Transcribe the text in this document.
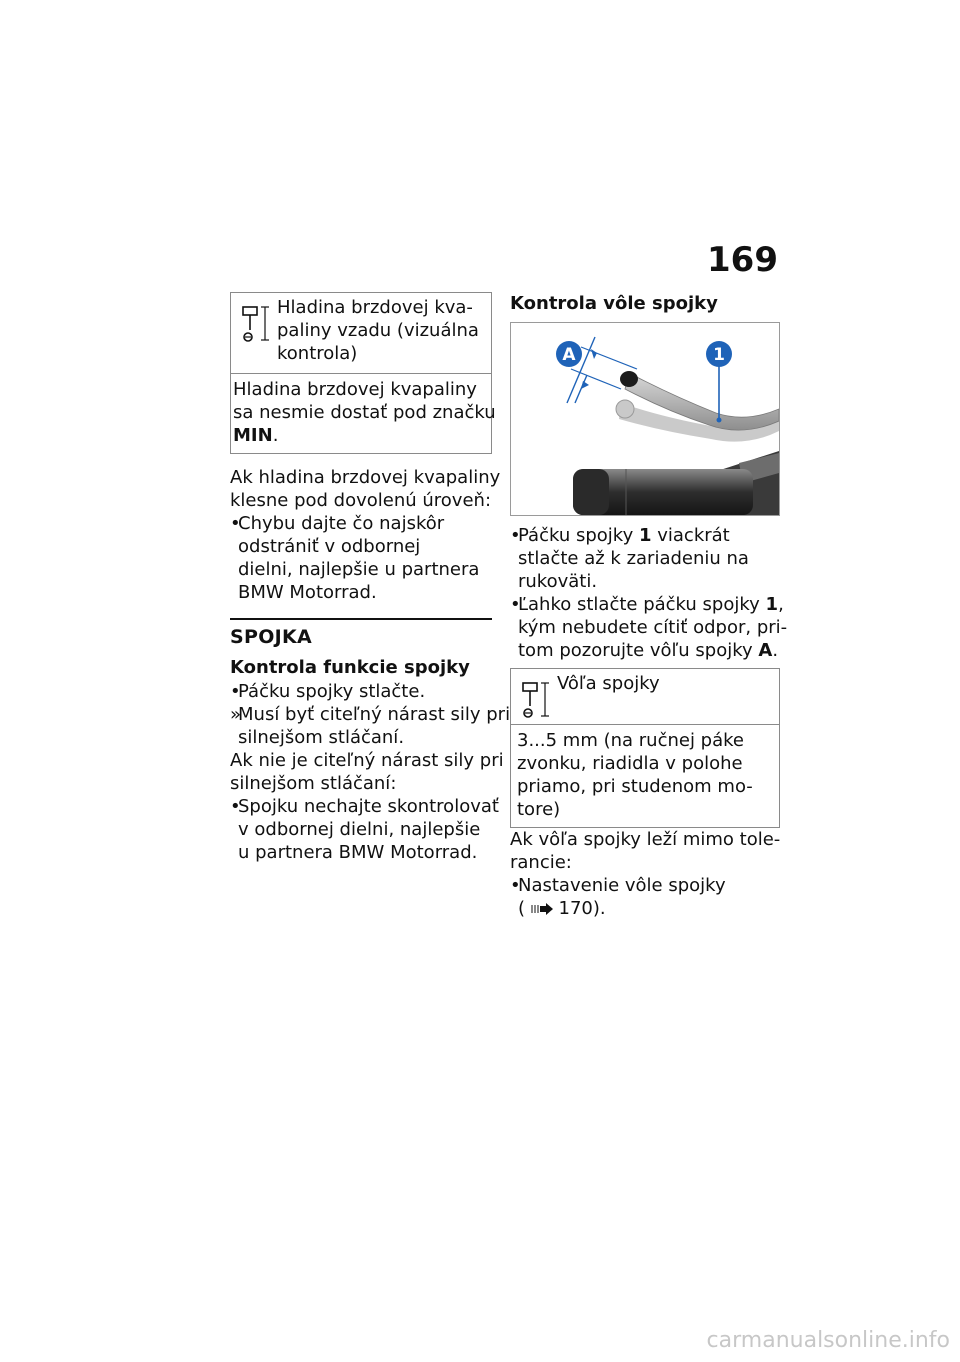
169
Hladina brzdovej kva-
paliny vzadu (vizuálna
kontrola)
Hladina brzdovej kvapaliny
sa nesmie dostať pod značku
MIN.
Ak hladina brzdovej kvapaliny
klesne pod dovolenú úroveň:
•
Chybu dajte čo najskôr
odstrániť v odbornej
dielni, najlepšie u partnera
BMW Motorrad.
SPOJKA
Kontrola funkcie spojky
•
Páčku spojky stlačte.
»
Musí byť citeľný nárast sily pri
silnejšom stláčaní.
Ak nie je citeľný nárast sily pri
silnejšom stláčaní:
•
Spojku nechajte skontrolovať
v odbornej dielni, najlepšie
u partnera BMW Motorrad.
Kontrola vôle spojky
A	1
•
Páčku spojky 1 viackrát
stlačte až k zariadeniu na
rukoväti.
•
Ľahko stlačte páčku spojky 1,
kým nebudete cítiť odpor, pri-
tom pozorujte vôľu spojky A.
Vôľa spojky
3...5 mm (na ručnej páke
zvonku, riadidla v polohe
priamo, pri studenom mo-
tore)
Ak vôľa spojky leží mimo tole-
rancie:
•
Nastavenie vôle spojky
( 170).
carmanualsonline.info
